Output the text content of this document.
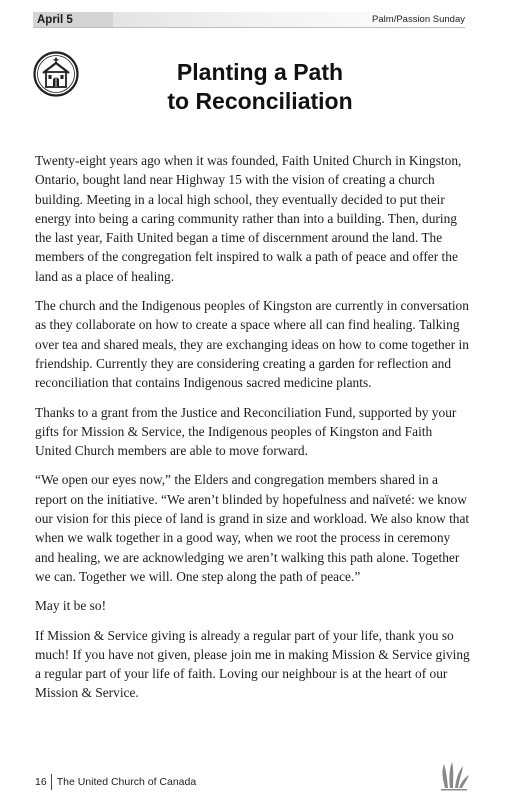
April 5	Palm/Passion Sunday
Planting a Path
to Reconciliation

Twenty-eight years ago when it was founded, Faith United Church in Kingston, Ontario, bought land near Highway 15 with the vision of creating a church building. Meeting in a local high school, they eventually decided to put their energy into being a caring community rather than into a building. Then, during the last year, Faith United began a time of discernment around the land. The members of the congregation felt inspired to walk a path of peace and offer the land as a place of healing.

The church and the Indigenous peoples of Kingston are currently in conversation as they collaborate on how to create a space where all can find healing. Talking over tea and shared meals, they are exchanging ideas on how to come together in friendship. Currently they are considering creating a garden for reflection and reconciliation that contains Indigenous sacred medicine plants.

Thanks to a grant from the Justice and Reconciliation Fund, supported by your gifts for Mission & Service, the Indigenous peoples of Kingston and Faith United Church members are able to move forward.

“We open our eyes now,” the Elders and congregation members shared in a report on the initiative. “We aren’t blinded by hopefulness and naïveté: we know our vision for this piece of land is grand in size and workload. We also know that when we walk together in a good way, when we root the process in ceremony and healing, we are acknowledging we aren’t walking this path alone. Together we can. Together we will. One step along the path of peace.”

May it be so!

If Mission & Service giving is already a regular part of your life, thank you so much! If you have not given, please join me in making Mission & Service giving a regular part of your life of faith. Loving our neighbour is at the heart of our Mission & Service.

16 The United Church of Canada
